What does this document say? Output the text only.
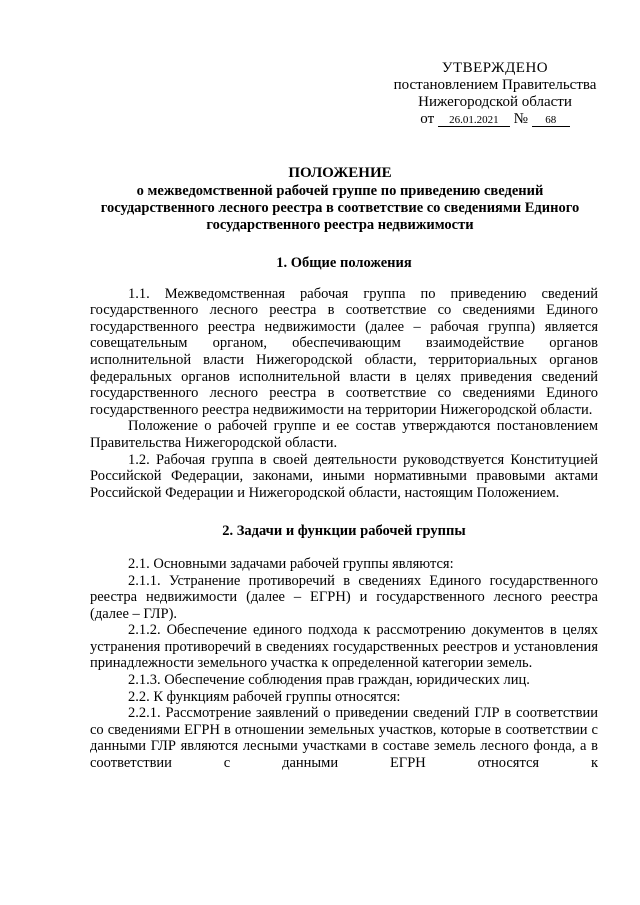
УТВЕРЖДЕНО
постановлением Правительства
Нижегородской области
от 26.01.2021 № 68
ПОЛОЖЕНИЕ
о межведомственной рабочей группе по приведению сведений государственного лесного реестра в соответствие со сведениями Единого государственного реестра недвижимости
1. Общие положения

1.1. Межведомственная рабочая группа по приведению сведений государственного лесного реестра в соответствие со сведениями Единого государственного реестра недвижимости (далее – рабочая группа) является совещательным органом, обеспечивающим взаимодействие органов исполнительной власти Нижегородской области, территориальных органов федеральных органов исполнительной власти в целях приведения сведений государственного лесного реестра в соответствие со сведениями Единого государственного реестра недвижимости на территории Нижегородской области.

Положение о рабочей группе и ее состав утверждаются постановлением Правительства Нижегородской области.

1.2. Рабочая группа в своей деятельности руководствуется Конституцией Российской Федерации, законами, иными нормативными правовыми актами Российской Федерации и Нижегородской области, настоящим Положением.

2. Задачи и функции рабочей группы

2.1. Основными задачами рабочей группы являются:

2.1.1. Устранение противоречий в сведениях Единого государственного реестра недвижимости (далее – ЕГРН) и государственного лесного реестра (далее – ГЛР).

2.1.2. Обеспечение единого подхода к рассмотрению документов в целях устранения противоречий в сведениях государственных реестров и установления принадлежности земельного участка к определенной категории земель.

2.1.3. Обеспечение соблюдения прав граждан, юридических лиц.

2.2. К функциям рабочей группы относятся:

2.2.1. Рассмотрение заявлений о приведении сведений ГЛР в соответствии со сведениями ЕГРН в отношении земельных участков, которые в соответствии с данными ГЛР являются лесными участками в составе земель лесного фонда, а в соответствии с данными ЕГРН относятся к
